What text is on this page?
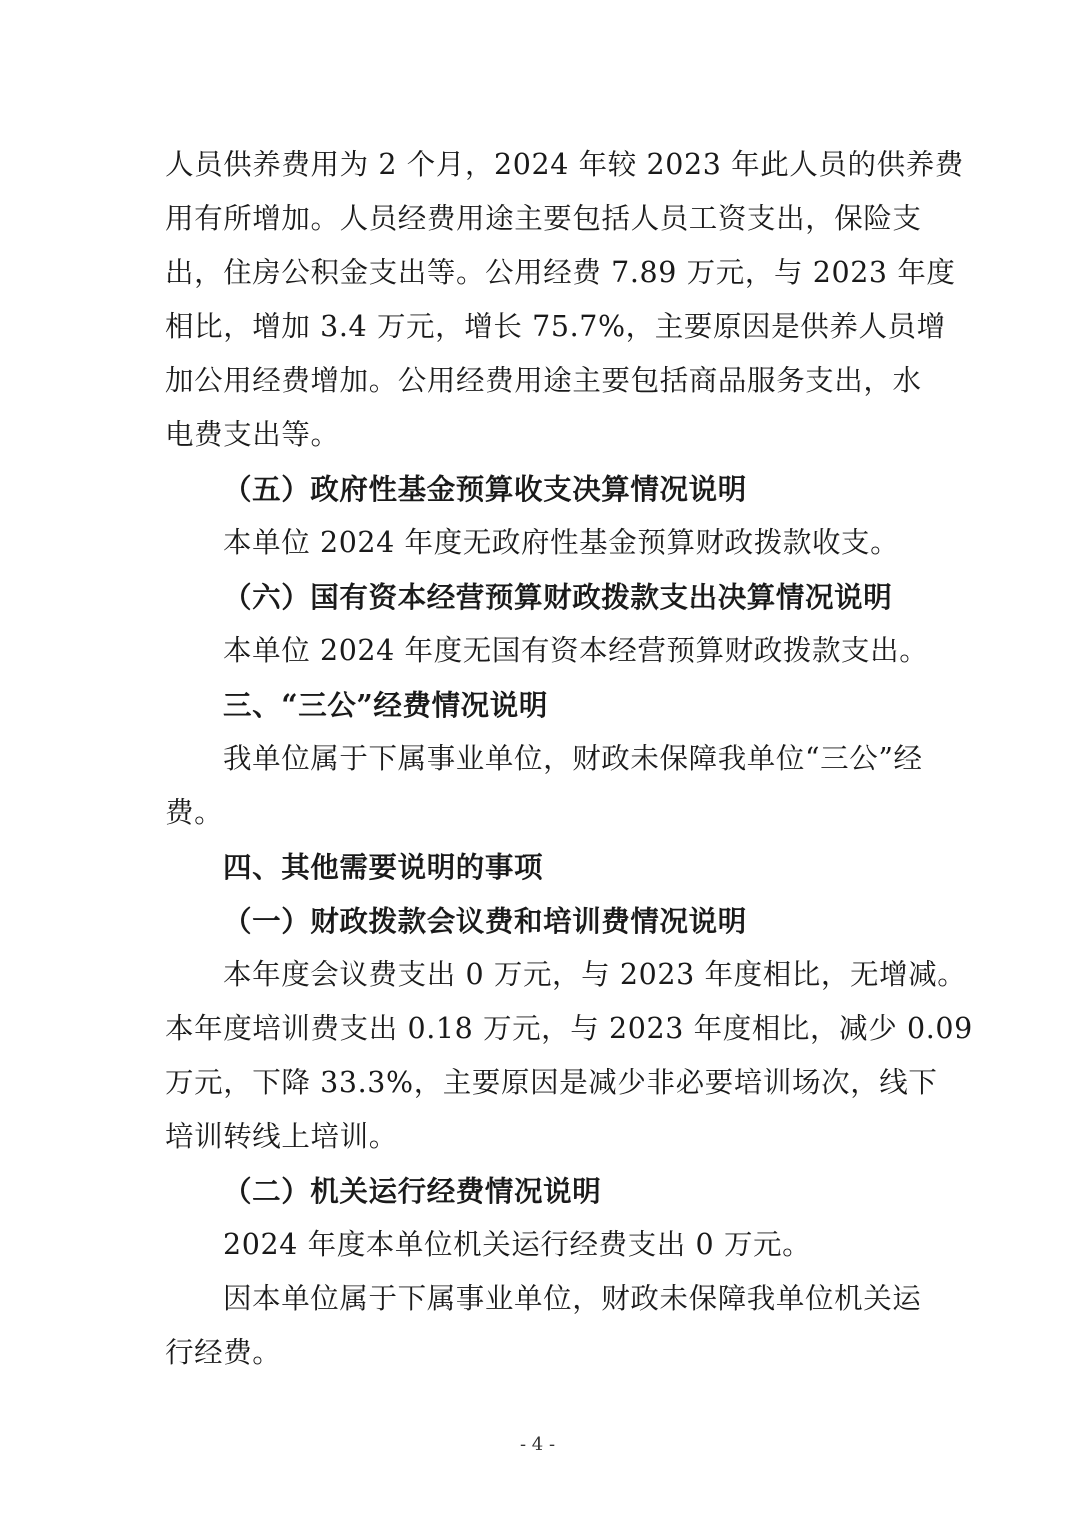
人员供养费用为 2 个月，2024 年较 2023 年此人员的供养费
用有所增加。人员经费用途主要包括人员工资支出，保险支
出，住房公积金支出等。公用经费 7.89 万元，与 2023 年度
相比，增加 3.4 万元，增长 75.7%，主要原因是供养人员增
加公用经费增加。公用经费用途主要包括商品服务支出，水
电费支出等。
（五）政府性基金预算收支决算情况说明
本单位 2024 年度无政府性基金预算财政拨款收支。
（六）国有资本经营预算财政拨款支出决算情况说明
本单位 2024 年度无国有资本经营预算财政拨款支出。
三、“三公”经费情况说明
我单位属于下属事业单位，财政未保障我单位“三公”经
费。
四、其他需要说明的事项
（一）财政拨款会议费和培训费情况说明
本年度会议费支出 0 万元，与 2023 年度相比，无增减。
本年度培训费支出 0.18 万元，与 2023 年度相比，减少 0.09
万元，下降 33.3%，主要原因是减少非必要培训场次，线下
培训转线上培训。
（二）机关运行经费情况说明
2024 年度本单位机关运行经费支出 0 万元。
因本单位属于下属事业单位，财政未保障我单位机关运
行经费。
- 4 -
